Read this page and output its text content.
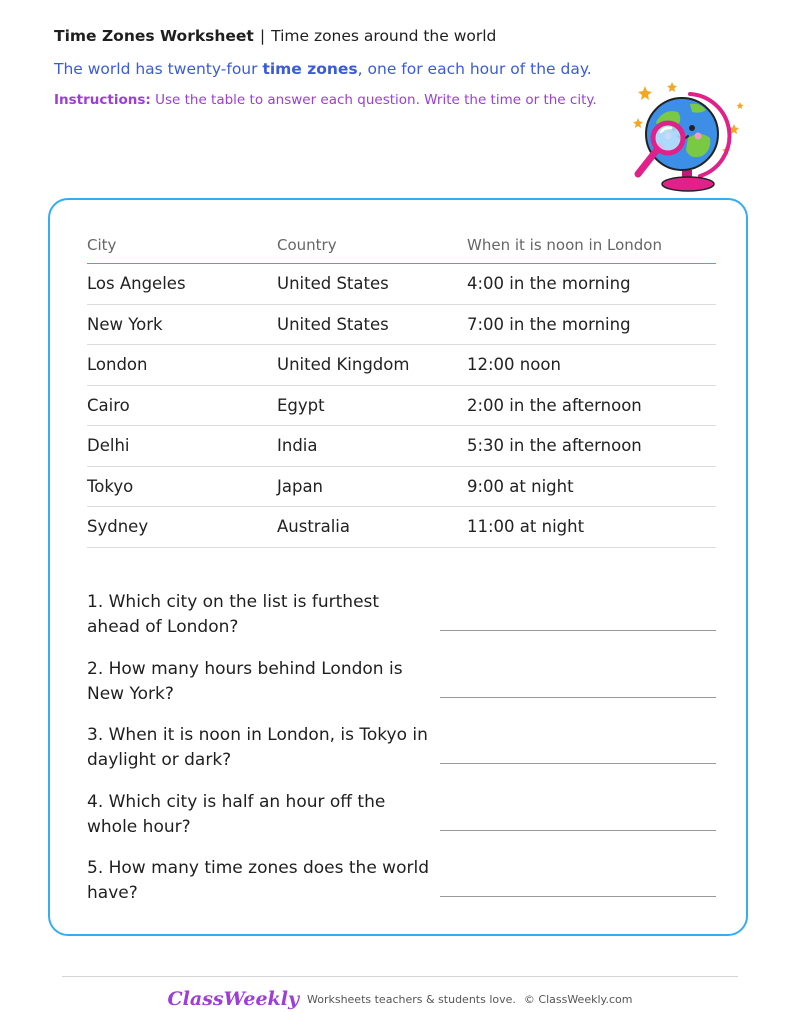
Time Zones Worksheet | Time zones around the world
The world has twenty-four time zones, one for each hour of the day.
Instructions: Use the table to answer each question. Write the time or the city.
City	Country	When it is noon in London
Los Angeles	United States	4:00 in the morning
New York	United States	7:00 in the morning
London	United Kingdom	12:00 noon
Cairo	Egypt	2:00 in the afternoon
Delhi	India	5:30 in the afternoon
Tokyo	Japan	9:00 at night
Sydney	Australia	11:00 at night
1. Which city on the list is furthest ahead of London?
2. How many hours behind London is New York?
3. When it is noon in London, is Tokyo in daylight or dark?
4. Which city is half an hour off the whole hour?
5. How many time zones does the world have?
ClassWeekly Worksheets teachers & students love. © ClassWeekly.com
